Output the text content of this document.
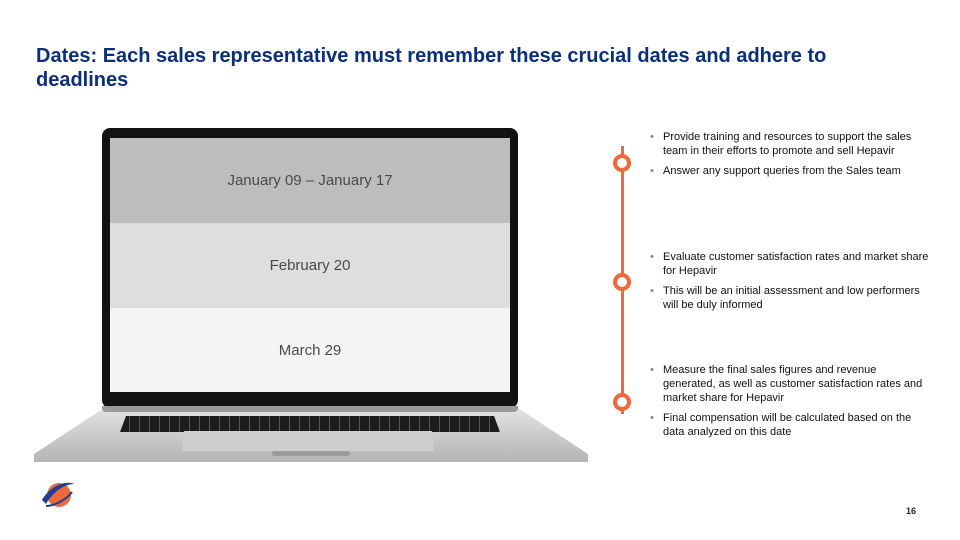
Dates: Each sales representative must remember these crucial dates and adhere to deadlines
January 09 – January 17
February 20
March 29
• Provide training and resources to support the sales team in their efforts to promote and sell Hepavir
• Answer any support queries from the Sales team
• Evaluate customer satisfaction rates and market share for Hepavir
• This will be an initial assessment and low performers will be duly informed
• Measure the final sales figures and revenue generated, as well as customer satisfaction rates and market share for Hepavir
• Final compensation will be calculated based on the data analyzed on this date
16
